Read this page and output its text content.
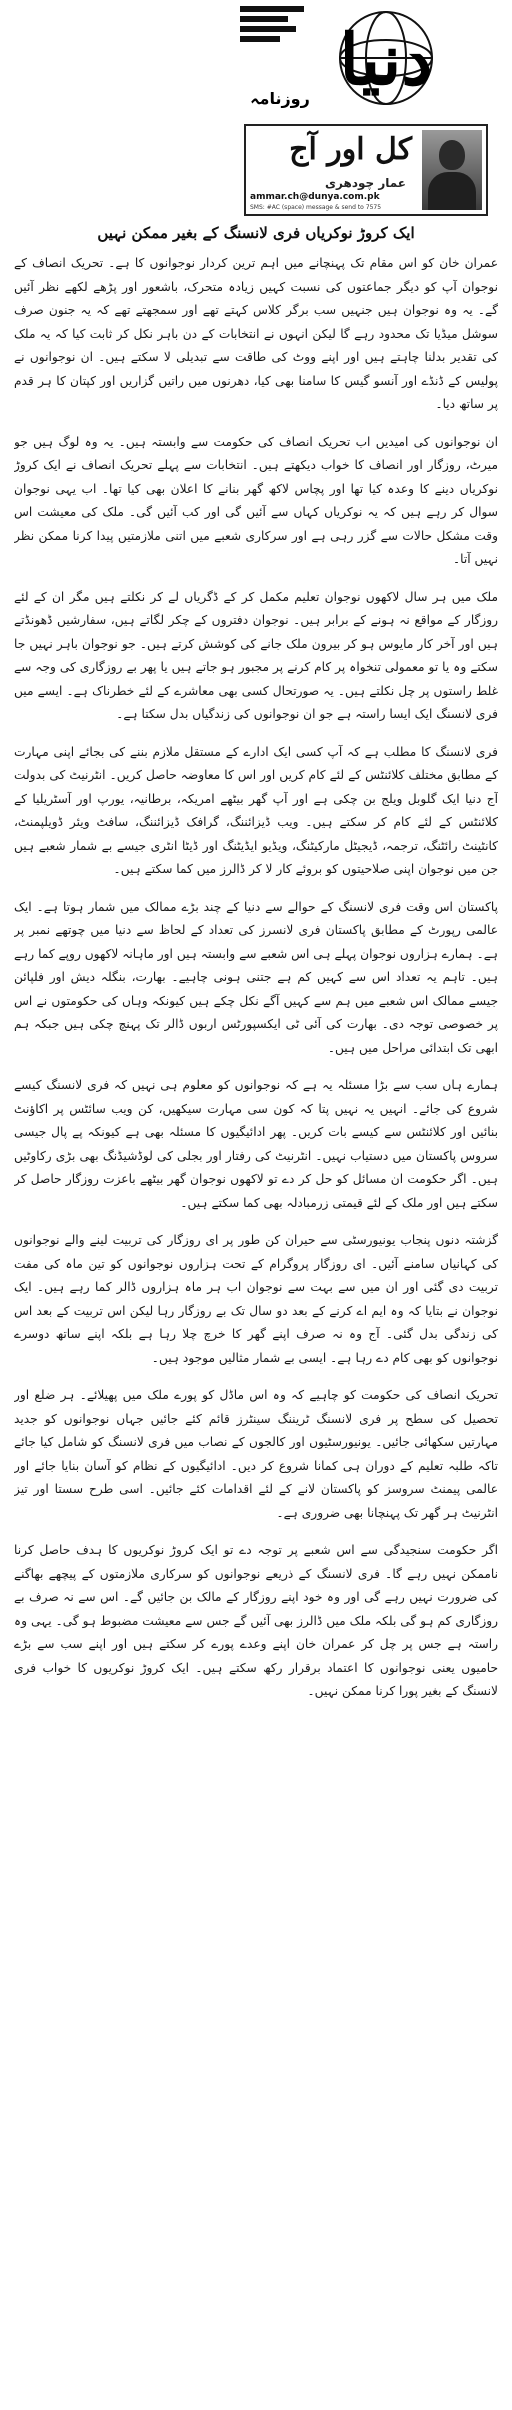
دنیا
روزنامہ
کل اور آج
عمار چودھری
ammar.ch@dunya.com.pk
SMS: #AC (space) message & send to 7575
ایک کروڑ نوکریاں فری لانسنگ کے بغیر ممکن نہیں

عمران خان کو اس مقام تک پہنچانے میں اہم ترین کردار نوجوانوں کا ہے۔ تحریک انصاف کے نوجوان آپ کو دیگر جماعتوں کی نسبت کہیں زیادہ متحرک، باشعور اور پڑھے لکھے نظر آئیں گے۔ یہ وہ نوجوان ہیں جنہیں سب برگر کلاس کہتے تھے اور سمجھتے تھے کہ یہ جنون صرف سوشل میڈیا تک محدود رہے گا لیکن انہوں نے انتخابات کے دن باہر نکل کر ثابت کیا کہ یہ ملک کی تقدیر بدلنا چاہتے ہیں اور اپنے ووٹ کی طاقت سے تبدیلی لا سکتے ہیں۔ ان نوجوانوں نے پولیس کے ڈنڈے اور آنسو گیس کا سامنا بھی کیا، دھرنوں میں راتیں گزاریں اور کپتان کا ہر قدم پر ساتھ دیا۔

ان نوجوانوں کی امیدیں اب تحریک انصاف کی حکومت سے وابستہ ہیں۔ یہ وہ لوگ ہیں جو میرٹ، روزگار اور انصاف کا خواب دیکھتے ہیں۔ انتخابات سے پہلے تحریک انصاف نے ایک کروڑ نوکریاں دینے کا وعدہ کیا تھا اور پچاس لاکھ گھر بنانے کا اعلان بھی کیا تھا۔ اب یہی نوجوان سوال کر رہے ہیں کہ یہ نوکریاں کہاں سے آئیں گی اور کب آئیں گی۔ ملک کی معیشت اس وقت مشکل حالات سے گزر رہی ہے اور سرکاری شعبے میں اتنی ملازمتیں پیدا کرنا ممکن نظر نہیں آتا۔

ملک میں ہر سال لاکھوں نوجوان تعلیم مکمل کر کے ڈگریاں لے کر نکلتے ہیں مگر ان کے لئے روزگار کے مواقع نہ ہونے کے برابر ہیں۔ نوجوان دفتروں کے چکر لگاتے ہیں، سفارشیں ڈھونڈتے ہیں اور آخر کار مایوس ہو کر بیرون ملک جانے کی کوشش کرتے ہیں۔ جو نوجوان باہر نہیں جا سکتے وہ یا تو معمولی تنخواہ پر کام کرنے پر مجبور ہو جاتے ہیں یا پھر بے روزگاری کی وجہ سے غلط راستوں پر چل نکلتے ہیں۔ یہ صورتحال کسی بھی معاشرے کے لئے خطرناک ہے۔ ایسے میں فری لانسنگ ایک ایسا راستہ ہے جو ان نوجوانوں کی زندگیاں بدل سکتا ہے۔

فری لانسنگ کا مطلب ہے کہ آپ کسی ایک ادارے کے مستقل ملازم بننے کی بجائے اپنی مہارت کے مطابق مختلف کلائنٹس کے لئے کام کریں اور اس کا معاوضہ حاصل کریں۔ انٹرنیٹ کی بدولت آج دنیا ایک گلوبل ویلج بن چکی ہے اور آپ گھر بیٹھے امریکہ، برطانیہ، یورپ اور آسٹریلیا کے کلائنٹس کے لئے کام کر سکتے ہیں۔ ویب ڈیزائننگ، گرافک ڈیزائننگ، سافٹ ویئر ڈویلپمنٹ، کانٹینٹ رائٹنگ، ترجمہ، ڈیجیٹل مارکیٹنگ، ویڈیو ایڈیٹنگ اور ڈیٹا انٹری جیسے بے شمار شعبے ہیں جن میں نوجوان اپنی صلاحیتوں کو بروئے کار لا کر ڈالرز میں کما سکتے ہیں۔

پاکستان اس وقت فری لانسنگ کے حوالے سے دنیا کے چند بڑے ممالک میں شمار ہوتا ہے۔ ایک عالمی رپورٹ کے مطابق پاکستان فری لانسرز کی تعداد کے لحاظ سے دنیا میں چوتھے نمبر پر ہے۔ ہمارے ہزاروں نوجوان پہلے ہی اس شعبے سے وابستہ ہیں اور ماہانہ لاکھوں روپے کما رہے ہیں۔ تاہم یہ تعداد اس سے کہیں کم ہے جتنی ہونی چاہیے۔ بھارت، بنگلہ دیش اور فلپائن جیسے ممالک اس شعبے میں ہم سے کہیں آگے نکل چکے ہیں کیونکہ وہاں کی حکومتوں نے اس پر خصوصی توجہ دی۔ بھارت کی آئی ٹی ایکسپورٹس اربوں ڈالر تک پہنچ چکی ہیں جبکہ ہم ابھی تک ابتدائی مراحل میں ہیں۔

ہمارے ہاں سب سے بڑا مسئلہ یہ ہے کہ نوجوانوں کو معلوم ہی نہیں کہ فری لانسنگ کیسے شروع کی جائے۔ انہیں یہ نہیں پتا کہ کون سی مہارت سیکھیں، کن ویب سائٹس پر اکاؤنٹ بنائیں اور کلائنٹس سے کیسے بات کریں۔ پھر ادائیگیوں کا مسئلہ بھی ہے کیونکہ پے پال جیسی سروس پاکستان میں دستیاب نہیں۔ انٹرنیٹ کی رفتار اور بجلی کی لوڈشیڈنگ بھی بڑی رکاوٹیں ہیں۔ اگر حکومت ان مسائل کو حل کر دے تو لاکھوں نوجوان گھر بیٹھے باعزت روزگار حاصل کر سکتے ہیں اور ملک کے لئے قیمتی زرمبادلہ بھی کما سکتے ہیں۔

گزشتہ دنوں پنجاب یونیورسٹی سے حیران کن طور پر ای روزگار کی تربیت لینے والے نوجوانوں کی کہانیاں سامنے آئیں۔ ای روزگار پروگرام کے تحت ہزاروں نوجوانوں کو تین ماہ کی مفت تربیت دی گئی اور ان میں سے بہت سے نوجوان اب ہر ماہ ہزاروں ڈالر کما رہے ہیں۔ ایک نوجوان نے بتایا کہ وہ ایم اے کرنے کے بعد دو سال تک بے روزگار رہا لیکن اس تربیت کے بعد اس کی زندگی بدل گئی۔ آج وہ نہ صرف اپنے گھر کا خرچ چلا رہا ہے بلکہ اپنے ساتھ دوسرے نوجوانوں کو بھی کام دے رہا ہے۔ ایسی بے شمار مثالیں موجود ہیں۔

تحریک انصاف کی حکومت کو چاہیے کہ وہ اس ماڈل کو پورے ملک میں پھیلائے۔ ہر ضلع اور تحصیل کی سطح پر فری لانسنگ ٹریننگ سینٹرز قائم کئے جائیں جہاں نوجوانوں کو جدید مہارتیں سکھائی جائیں۔ یونیورسٹیوں اور کالجوں کے نصاب میں فری لانسنگ کو شامل کیا جائے تاکہ طلبہ تعلیم کے دوران ہی کمانا شروع کر دیں۔ ادائیگیوں کے نظام کو آسان بنایا جائے اور عالمی پیمنٹ سروسز کو پاکستان لانے کے لئے اقدامات کئے جائیں۔ اسی طرح سستا اور تیز انٹرنیٹ ہر گھر تک پہنچانا بھی ضروری ہے۔

اگر حکومت سنجیدگی سے اس شعبے پر توجہ دے تو ایک کروڑ نوکریوں کا ہدف حاصل کرنا ناممکن نہیں رہے گا۔ فری لانسنگ کے ذریعے نوجوانوں کو سرکاری ملازمتوں کے پیچھے بھاگنے کی ضرورت نہیں رہے گی اور وہ خود اپنے روزگار کے مالک بن جائیں گے۔ اس سے نہ صرف بے روزگاری کم ہو گی بلکہ ملک میں ڈالرز بھی آئیں گے جس سے معیشت مضبوط ہو گی۔ یہی وہ راستہ ہے جس پر چل کر عمران خان اپنے وعدے پورے کر سکتے ہیں اور اپنے سب سے بڑے حامیوں یعنی نوجوانوں کا اعتماد برقرار رکھ سکتے ہیں۔ ایک کروڑ نوکریوں کا خواب فری لانسنگ کے بغیر پورا کرنا ممکن نہیں۔
